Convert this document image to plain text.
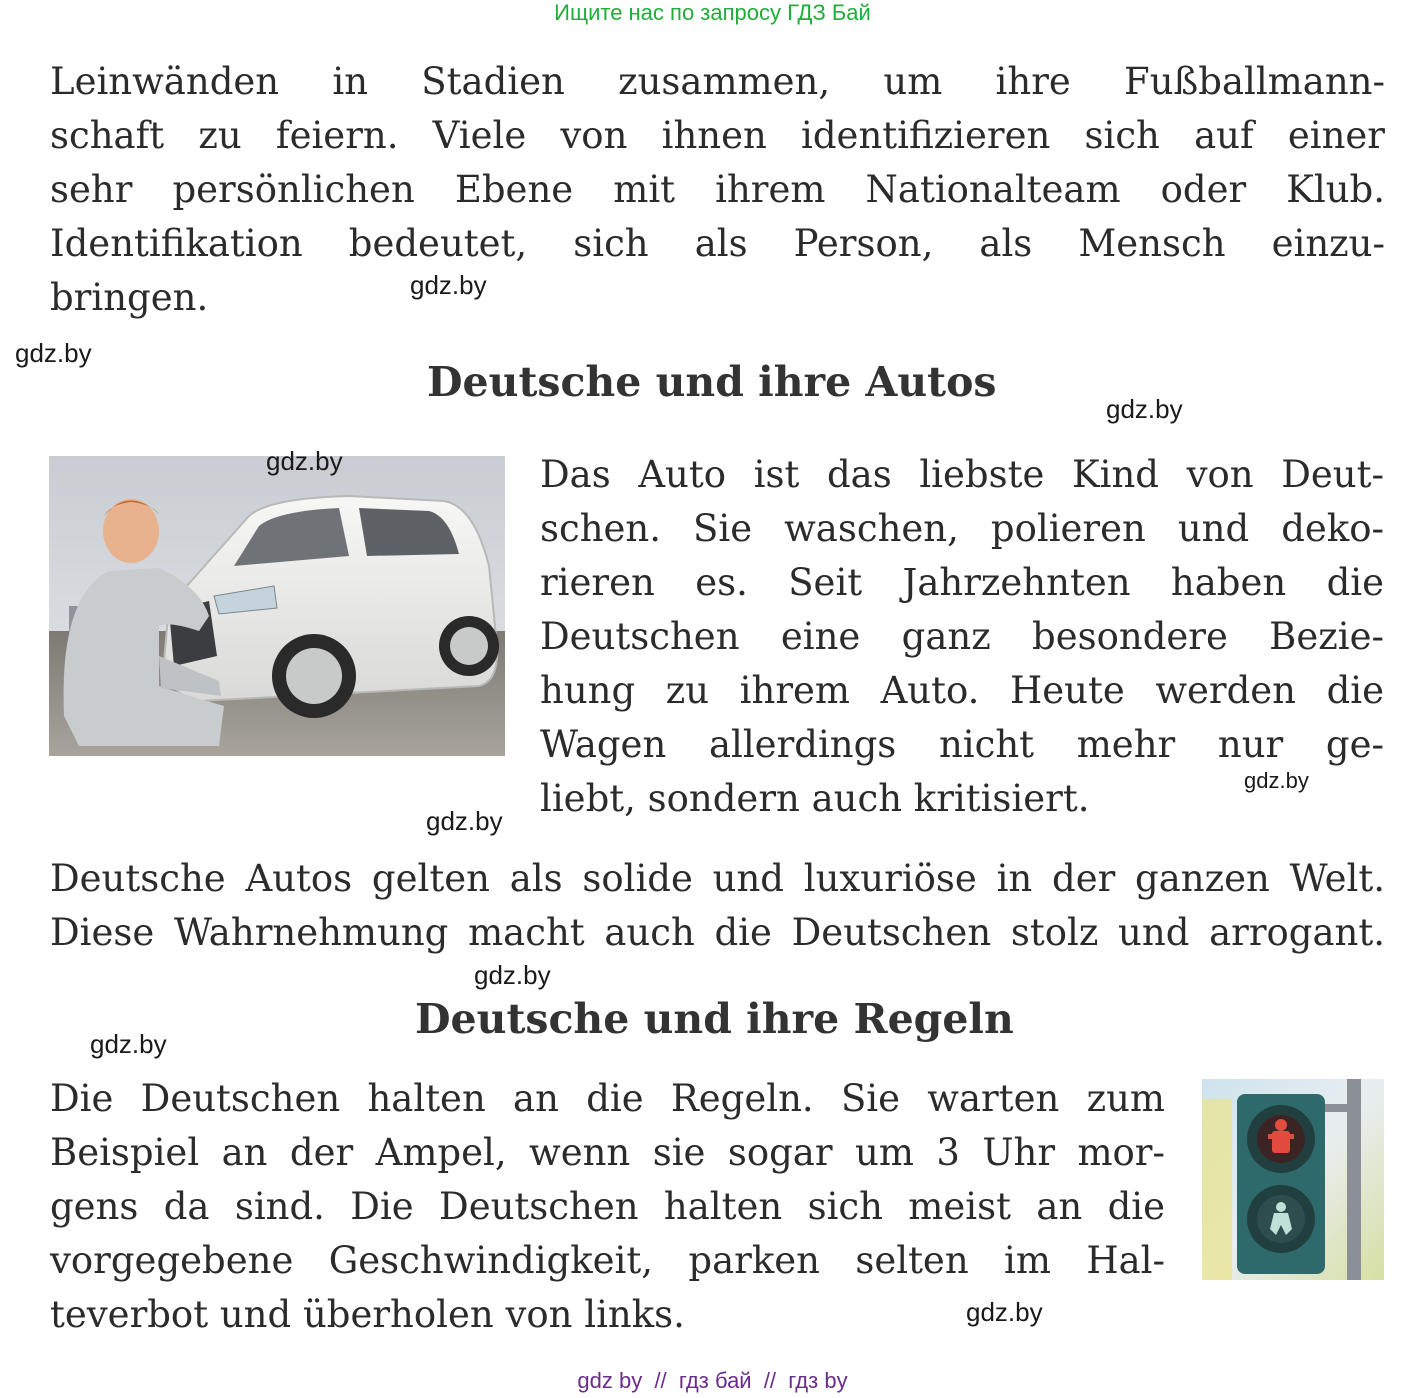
Ищите нас по запросу ГДЗ Бай
Leinwänden in Stadien zusammen, um ihre Fußballmann-
schaft zu feiern. Viele von ihnen identifizieren sich auf einer
sehr persönlichen Ebene mit ihrem Nationalteam oder Klub.
Identifikation bedeutet, sich als Person, als Mensch einzu-
bringen.
Deutsche und ihre Autos
Das Auto ist das liebste Kind von Deut-
schen. Sie waschen, polieren und deko-
rieren es. Seit Jahrzehnten haben die
Deutschen eine ganz besondere Bezie-
hung zu ihrem Auto. Heute werden die
Wagen allerdings nicht mehr nur ge-
liebt, sondern auch kritisiert.
Deutsche Autos gelten als solide und luxuriöse in der ganzen Welt.
Diese Wahrnehmung macht auch die Deutschen stolz und arrogant.
Deutsche und ihre Regeln
Die Deutschen halten an die Regeln. Sie warten zum
Beispiel an der Ampel, wenn sie sogar um 3 Uhr mor-
gens da sind. Die Deutschen halten sich meist an die
vorgegebene Geschwindigkeit, parken selten im Hal-
teverbot und überholen von links.
gdz.by
gdz.by
gdz.by
gdz.by
gdz.by
gdz.by
gdz.by
gdz.by
gdz.by
gdz by  //  гдз бай  //  гдз by
